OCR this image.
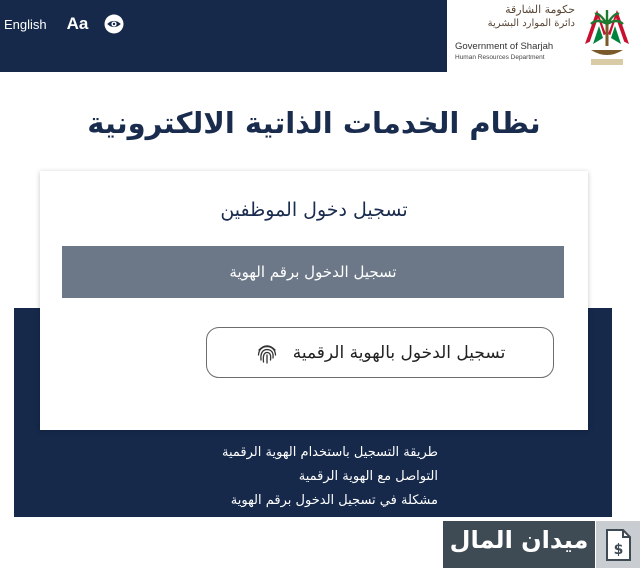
English Aa
حكومة الشارقة
دائرة الموارد البشرية
Government of Sharjah
Human Resources Department
نظام الخدمات الذاتية الالكترونية
تسجيل دخول الموظفين
تسجيل الدخول برقم الهوية
تسجيل الدخول بالهوية الرقمية
طريقة التسجيل باستخدام الهوية الرقمية
التواصل مع الهوية الرقمية
مشكلة في تسجيل الدخول برقم الهوية
ميدان المال	$
